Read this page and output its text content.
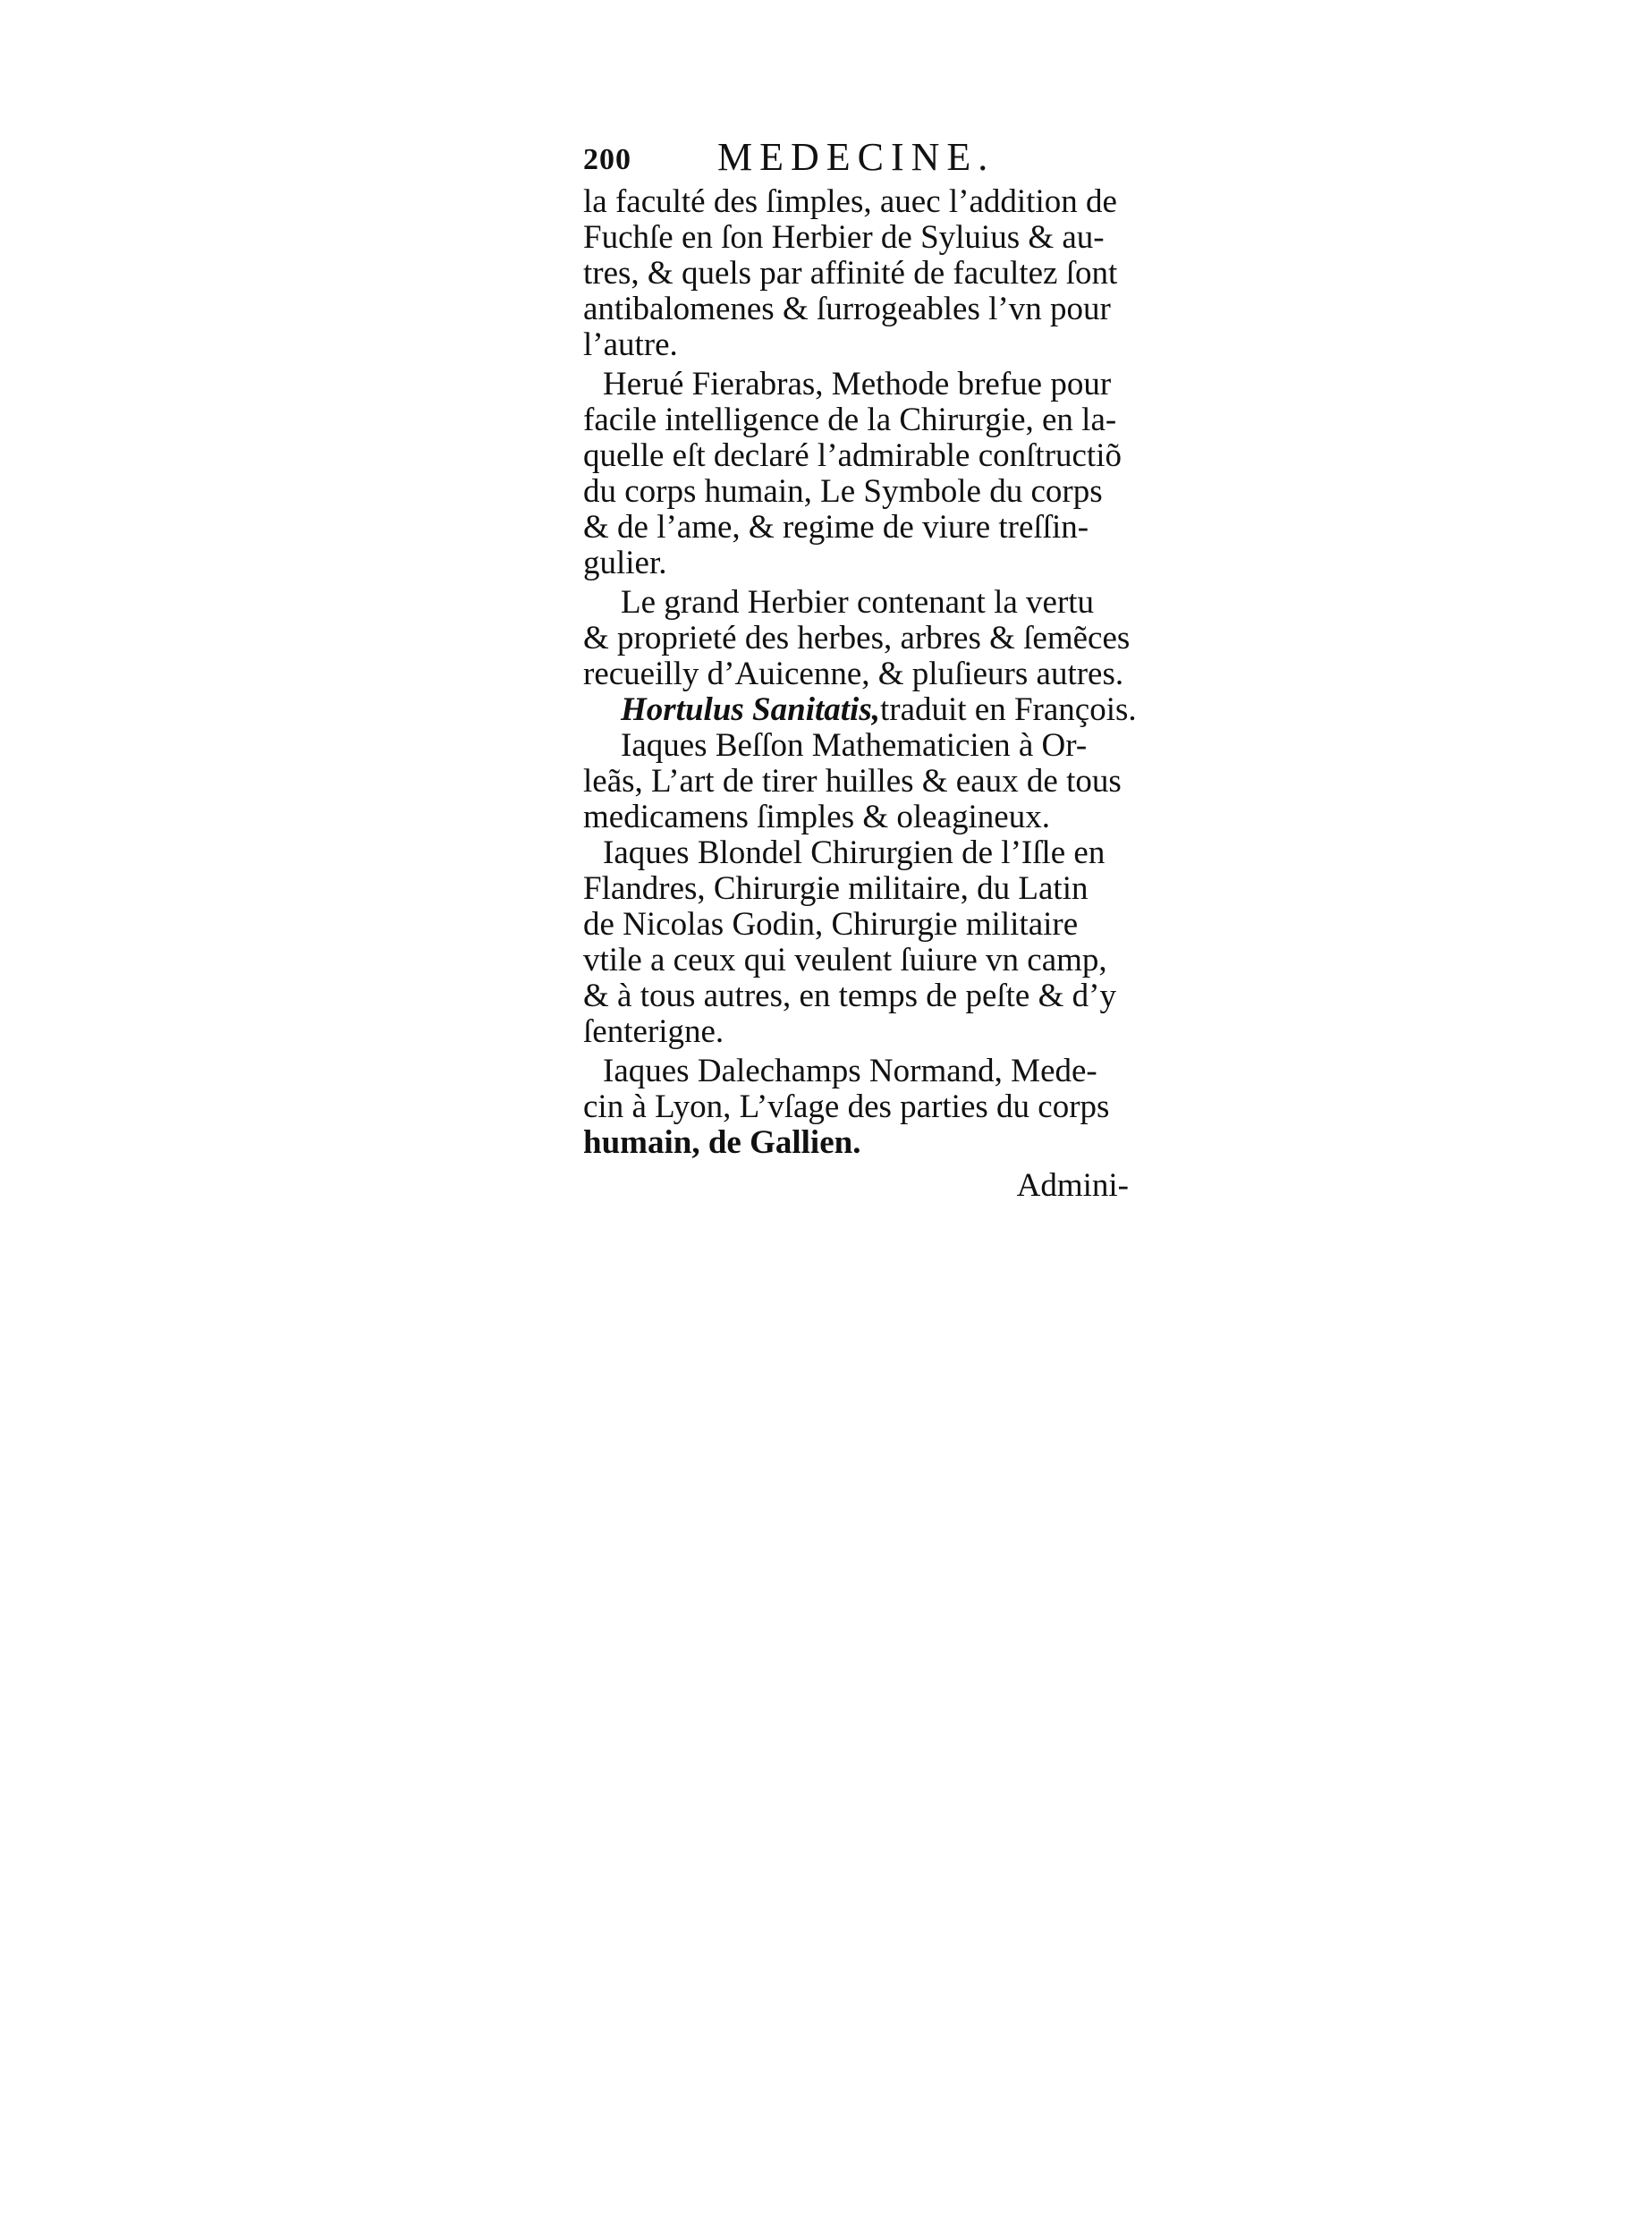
200 MEDECINE.
la faculté des ſimples, auec l’addition de
Fuchſe en ſon Herbier de Syluius & au-
tres, & quels par affinité de facultez ſont
antibalomenes & ſurrogeables l’vn pour
l’autre.
Herué Fierabras, Methode brefue pour
facile intelligence de la Chirurgie, en la-
quelle eſt declaré l’admirable conſtructiõ
du corps humain, Le Symbole du corps
& de l’ame, & regime de viure treſſin-
gulier.
Le grand Herbier contenant la vertu
& proprieté des herbes, arbres & ſemẽces
recueilly d’Auicenne, & pluſieurs autres.
Hortulus Sanitatis,traduit en François.
Iaques Beſſon Mathematicien à Or-
leãs, L’art de tirer huilles & eaux de tous
medicamens ſimples & oleagineux.
Iaques Blondel Chirurgien de l’Iſle en
Flandres, Chirurgie militaire, du Latin
de Nicolas Godin, Chirurgie militaire
vtile a ceux qui veulent ſuiure vn camp,
& à tous autres, en temps de peſte & d’y
ſenterigne.
Iaques Dalechamps Normand, Mede-
cin à Lyon, L’vſage des parties du corps
humain, de Gallien.
Admini-
